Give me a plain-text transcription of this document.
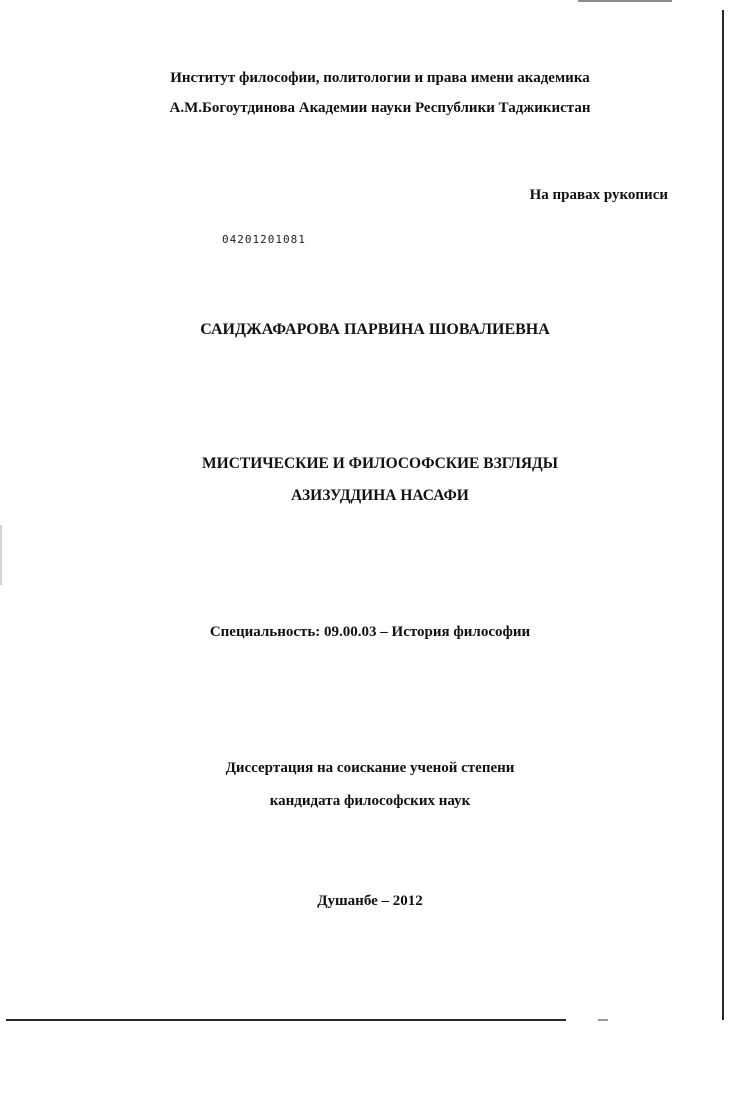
Институт философии, политологии и права имени академика
А.М.Богоутдинова Академии науки Республики Таджикистан
На правах рукописи
04201201081
САИДЖАФАРОВА ПАРВИНА ШОВАЛИЕВНА
МИСТИЧЕСКИЕ И ФИЛОСОФСКИЕ ВЗГЛЯДЫ
АЗИЗУДДИНА НАСАФИ
Специальность: 09.00.03 – История философии
Диссертация на соискание ученой степени
кандидата философских наук
Душанбе – 2012
